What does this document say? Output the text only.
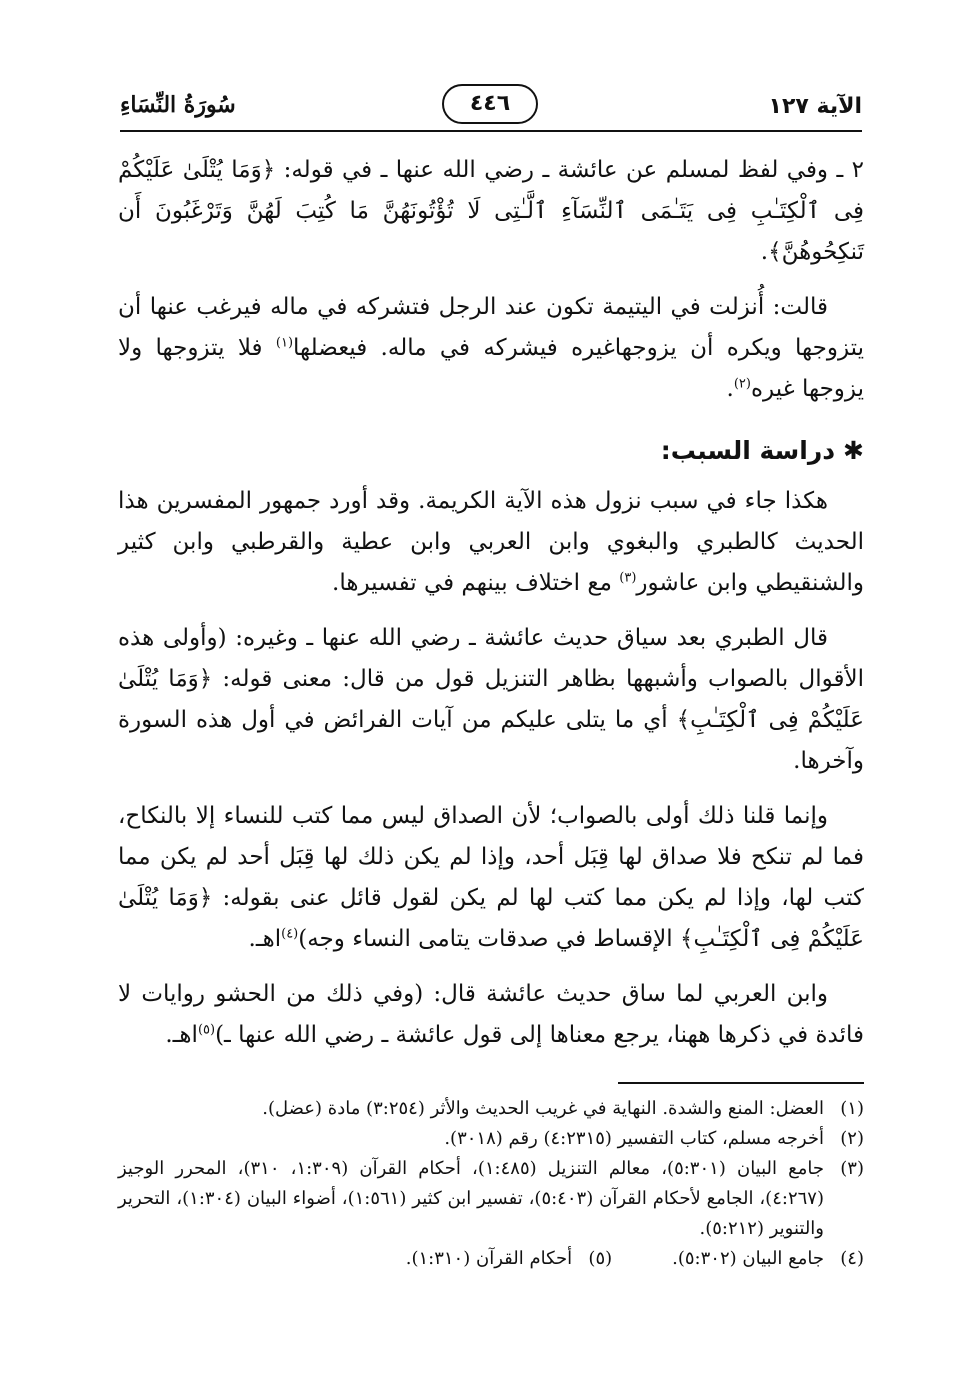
الآية ١٢٧
٤٤٦
سُورَةُ النِّسَاءِ

٢ ـ وفي لفظ لمسلم عن عائشة ـ رضي الله عنها ـ في قوله: ﴿وَمَا يُتْلَىٰ عَلَيْكُمْ فِى ٱلْكِتَـٰبِ فِى يَتَـٰمَى ٱلنِّسَآءِ ٱلَّـٰتِى لَا تُؤْتُونَهُنَّ مَا كُتِبَ لَهُنَّ وَتَرْغَبُونَ أَن تَنكِحُوهُنَّ﴾.

قالت: أُنزلت في اليتيمة تكون عند الرجل فتشركه في ماله فيرغب عنها أن يتزوجها ويكره أن يزوجهاغيره فيشركه في ماله. فيعضلها$^{(١)}$ فلا يتزوجها ولا يزوجها غيره$^{(٢)}$.

✱دراسة السبب:

هكذا جاء في سبب نزول هذه الآية الكريمة. وقد أورد جمهور المفسرين هذا الحديث كالطبري والبغوي وابن العربي وابن عطية والقرطبي وابن كثير والشنقيطي وابن عاشور$^{(٣)}$ مع اختلاف بينهم في تفسيرها.

قال الطبري بعد سياق حديث عائشة ـ رضي الله عنها ـ وغيره: (وأولى هذه الأقوال بالصواب وأشبهها بظاهر التنزيل قول من قال: معنى قوله: ﴿وَمَا يُتْلَىٰ عَلَيْكُمْ فِى ٱلْكِتَـٰبِ﴾ أي ما يتلى عليكم من آيات الفرائض في أول هذه السورة وآخرها.

وإنما قلنا ذلك أولى بالصواب؛ لأن الصداق ليس مما كتب للنساء إلا بالنكاح، فما لم تنكح فلا صداق لها قِبَل أحد، وإذا لم يكن ذلك لها قِبَل أحد لم يكن مما كتب لها، وإذا لم يكن مما كتب لها لم يكن لقول قائل عنى بقوله: ﴿وَمَا يُتْلَىٰ عَلَيْكُمْ فِى ٱلْكِتَـٰبِ﴾ الإقساط في صدقات يتامى النساء وجه)$^{(٤)}$اهـ.

وابن العربي لما ساق حديث عائشة قال: (وفي ذلك من الحشو روايات لا فائدة في ذكرها ههنا، يرجع معناها إلى قول عائشة ـ رضي الله عنها ـ)$^{(٥)}$اهـ.

(١)العضل: المنع والشدة. النهاية في غريب الحديث والأثر (٣:٢٥٤) مادة (عضل).

(٢)أخرجه مسلم، كتاب التفسير (٤:٢٣١٥) رقم (٣٠١٨).

(٣)جامع البيان (٥:٣٠١)، معالم التنزيل (١:٤٨٥)، أحكام القرآن (١:٣٠٩، ٣١٠)، المحرر الوجيز (٤:٢٦٧)، الجامع لأحكام القرآن (٥:٤٠٣)، تفسير ابن كثير (١:٥٦١)، أضواء البيان (١:٣٠٤)، التحرير والتنوير (٥:٢١٢).

(٤)جامع البيان (٥:٣٠٢).

(٥)أحكام القرآن (١:٣١٠).
